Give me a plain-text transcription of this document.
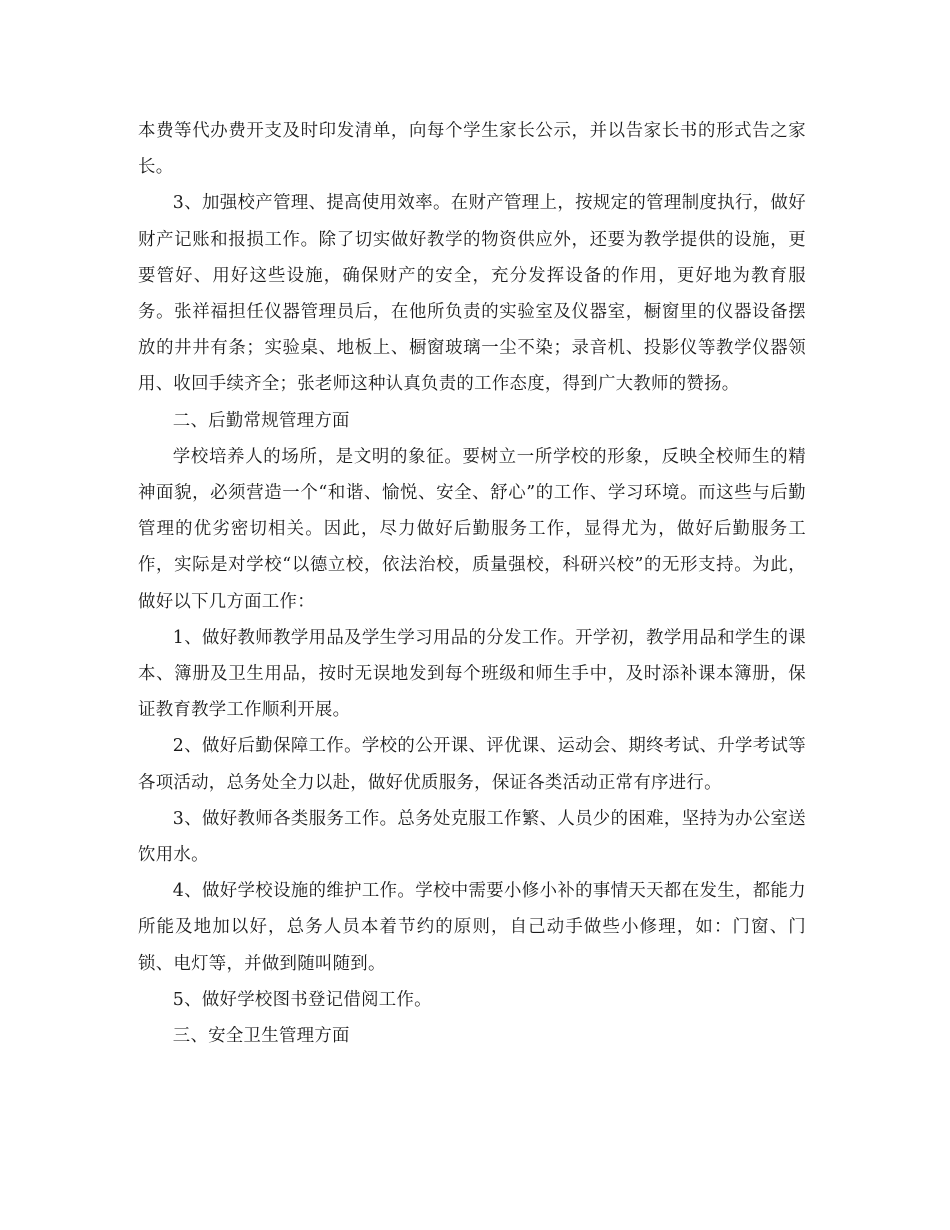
本费等代办费开支及时印发清单，向每个学生家长公示，并以告家长书的形式告之家长。

3、加强校产管理、提高使用效率。在财产管理上，按规定的管理制度执行，做好财产记账和报损工作。除了切实做好教学的物资供应外，还要为教学提供的设施，更要管好、用好这些设施，确保财产的安全，充分发挥设备的作用，更好地为教育服务。张祥福担任仪器管理员后，在他所负责的实验室及仪器室，橱窗里的仪器设备摆放的井井有条；实验桌、地板上、橱窗玻璃一尘不染；录音机、投影仪等教学仪器领用、收回手续齐全；张老师这种认真负责的工作态度，得到广大教师的赞扬。

二、后勤常规管理方面

学校培养人的场所，是文明的象征。要树立一所学校的形象，反映全校师生的精神面貌，必须营造一个“和谐、愉悦、安全、舒心”的工作、学习环境。而这些与后勤管理的优劣密切相关。因此，尽力做好后勤服务工作，显得尤为，做好后勤服务工作，实际是对学校“以德立校，依法治校，质量强校，科研兴校”的无形支持。为此，做好以下几方面工作：

1、做好教师教学用品及学生学习用品的分发工作。开学初，教学用品和学生的课本、簿册及卫生用品，按时无误地发到每个班级和师生手中，及时添补课本簿册，保证教育教学工作顺利开展。

2、做好后勤保障工作。学校的公开课、评优课、运动会、期终考试、升学考试等各项活动，总务处全力以赴，做好优质服务，保证各类活动正常有序进行。

3、做好教师各类服务工作。总务处克服工作繁、人员少的困难，坚持为办公室送饮用水。

4、做好学校设施的维护工作。学校中需要小修小补的事情天天都在发生，都能力所能及地加以好，总务人员本着节约的原则，自己动手做些小修理，如：门窗、门锁、电灯等，并做到随叫随到。

5、做好学校图书登记借阅工作。

三、安全卫生管理方面
